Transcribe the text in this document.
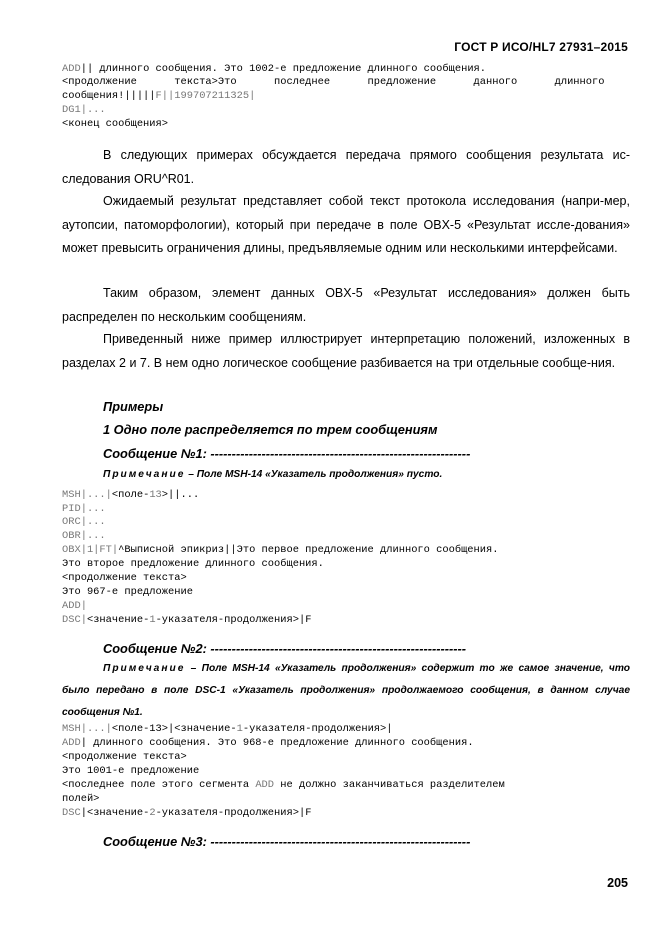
ГОСТ Р ИСО/HL7 27931–2015
ADD|| длинного сообщения. Это 1002-е предложение длинного сообщения.
<продолжение      текста>Это      последнее      предложение      данного      длинного
сообщения!|||||F||199707211325|
DG1|...
<конец сообщения>

В следующих примерах обсуждается передача прямого сообщения результата ис-следования ORU^R01.

Ожидаемый результат представляет собой текст протокола исследования (напри-мер, аутопсии, патоморфологии), который при передаче в поле OBX-5 «Результат иссле-дования» может превысить ограничения длины, предъявляемые одним или несколькими интерфейсами.

Таким образом, элемент данных OBX-5 «Результат исследования» должен быть распределен по нескольким сообщениям.

Приведенный ниже пример иллюстрирует интерпретацию положений, изложенных в разделах 2 и 7. В нем одно логическое сообщение разбивается на три отдельные сообще-ния.

Примеры
1 Одно поле распределяется по трем сообщениям
Сообщение №1: -------------------------------------------------------------

Примечание – Поле MSH-14 «Указатель продолжения» пусто.

MSH|...|<поле-13>||...
PID|...
ORC|...
OBR|...
OBX|1|FT|^Выписной эпикриз||Это первое предложение длинного сообщения.
Это второе предложение длинного сообщения.
<продолжение текста>
Это 967-е предложение
ADD|
DSC|<значение-1-указателя-продолжения>|F
Сообщение №2: ------------------------------------------------------------

Примечание – Поле MSH-14 «Указатель продолжения» содержит то же самое значение, что было передано в поле DSC-1 «Указатель продолжения» продолжаемого сообщения, в данном случае сообщения №1.

MSH|...|<поле-13>|<значение-1-указателя-продолжения>|
ADD| длинного сообщения. Это 968-е предложение длинного сообщения.
<продолжение текста>
Это 1001-е предложение
<последнее поле этого сегмента ADD не должно заканчиваться разделителем
полей>
DSC|<значение-2-указателя-продолжения>|F
Сообщение №3: -------------------------------------------------------------
205
